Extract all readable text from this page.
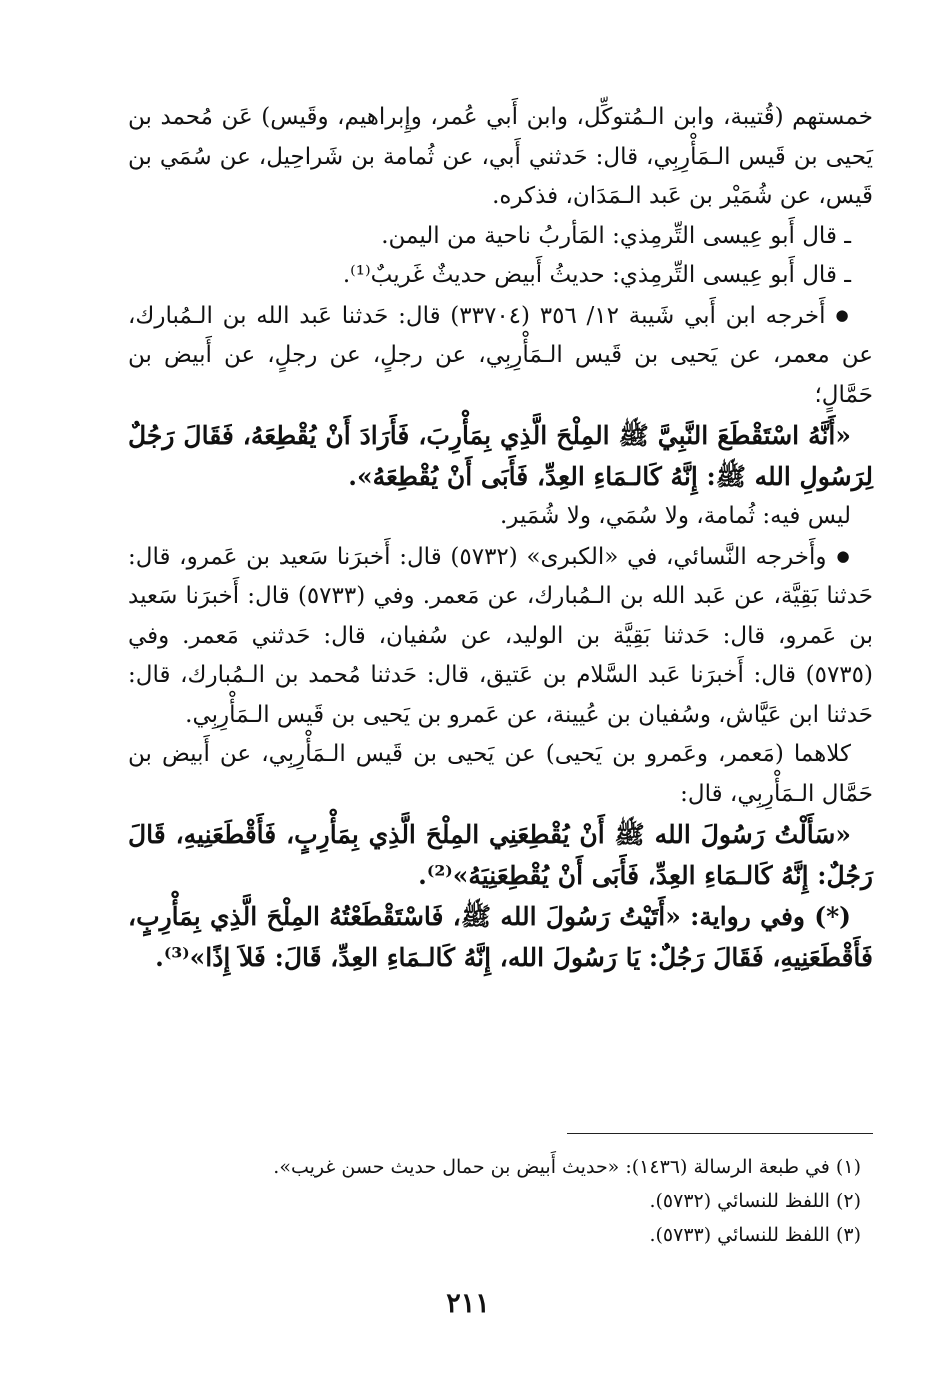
خمستهم (قُتيبة، وابن الـمُتوكِّل، وابن أَبي عُمر، وإِبراهيم، وقَيس) عَن مُحمد بن يَحيى بن قَيس الـمَأْرِبِي، قال: حَدثني أَبي، عن ثُمامة بن شَراحِيل، عن سُمَي بن قَيس، عن شُمَيْر بن عَبد الـمَدَان، فذكره.

ـ قال أَبو عِيسى التِّرمِذي: المَأربُ ناحية من اليمن.

ـ قال أَبو عِيسى التِّرمِذي: حديثُ أَبيض حديثٌ غَريبٌ⁽¹⁾.

● أَخرجه ابن أَبي شَيبة ١٢/ ٣٥٦ (٣٣٧٠٤) قال: حَدثنا عَبد الله بن الـمُبارك، عن معمر، عن يَحيى بن قَيس الـمَأْرِبِي، عن رجلٍ، عن رجلٍ، عن أَبيض بن حَمَّالٍ؛

«أَنَّهُ اسْتَقْطَعَ النَّبِيَّ ﷺ المِلْحَ الَّذِي بِمَأْرِبَ، فَأَرَادَ أَنْ يُقْطِعَهُ، فَقَالَ رَجُلٌ لِرَسُولِ الله ﷺ: إِنَّهُ كَالـمَاءِ العِدِّ، فَأَبَى أَنْ يُقْطِعَهُ».

ليس فيه: ثُمامة، ولا سُمَي، ولا شُمَير.

● وأَخرجه النَّسائي، في «الكبرى» (٥٧٣٢) قال: أَخبرَنا سَعيد بن عَمرو، قال: حَدثنا بَقِيَّة، عن عَبد الله بن الـمُبارك، عن مَعمر. وفي (٥٧٣٣) قال: أَخبرَنا سَعيد بن عَمرو، قال: حَدثنا بَقِيَّة بن الوليد، عن سُفيان، قال: حَدثني مَعمر. وفي (٥٧٣٥) قال: أَخبرَنا عَبد السَّلام بن عَتيق، قال: حَدثنا مُحمد بن الـمُبارك، قال: حَدثنا ابن عَيَّاش، وسُفيان بن عُيينة، عن عَمرو بن يَحيى بن قَيس الـمَأْرِبِي.

كلاهما (مَعمر، وعَمرو بن يَحيى) عن يَحيى بن قَيس الـمَأْرِبِي، عن أَبيض بن حَمَّال الـمَأْرِبِي، قال:

«سَأَلْتُ رَسُولَ الله ﷺ أَنْ يُقْطِعَنِي المِلْحَ الَّذِي بِمَأْرِبٍ، فَأَقْطَعَنِيهِ، قَالَ رَجُلٌ: إِنَّهُ كَالـمَاءِ العِدِّ، فَأَبَى أَنْ يُقْطِعَنِيَهُ»⁽²⁾.

(*) وفي رواية: «أَتَيْتُ رَسُولَ الله ﷺ، فَاسْتَقْطَعْتُهُ المِلْحَ الَّذِي بِمَأْرِبٍ، فَأَقْطَعَنِيهِ، فَقَالَ رَجُلٌ: يَا رَسُولَ الله، إِنَّهُ كَالـمَاءِ العِدِّ، قَالَ: فَلاَ إِذًا»⁽³⁾.

(١) في طبعة الرسالة (١٤٣٦): «حديث أَبيض بن حمال حديث حسن غريب».

(٢) اللفظ للنسائي (٥٧٣٢).

(٣) اللفظ للنسائي (٥٧٣٣).

٢١١
